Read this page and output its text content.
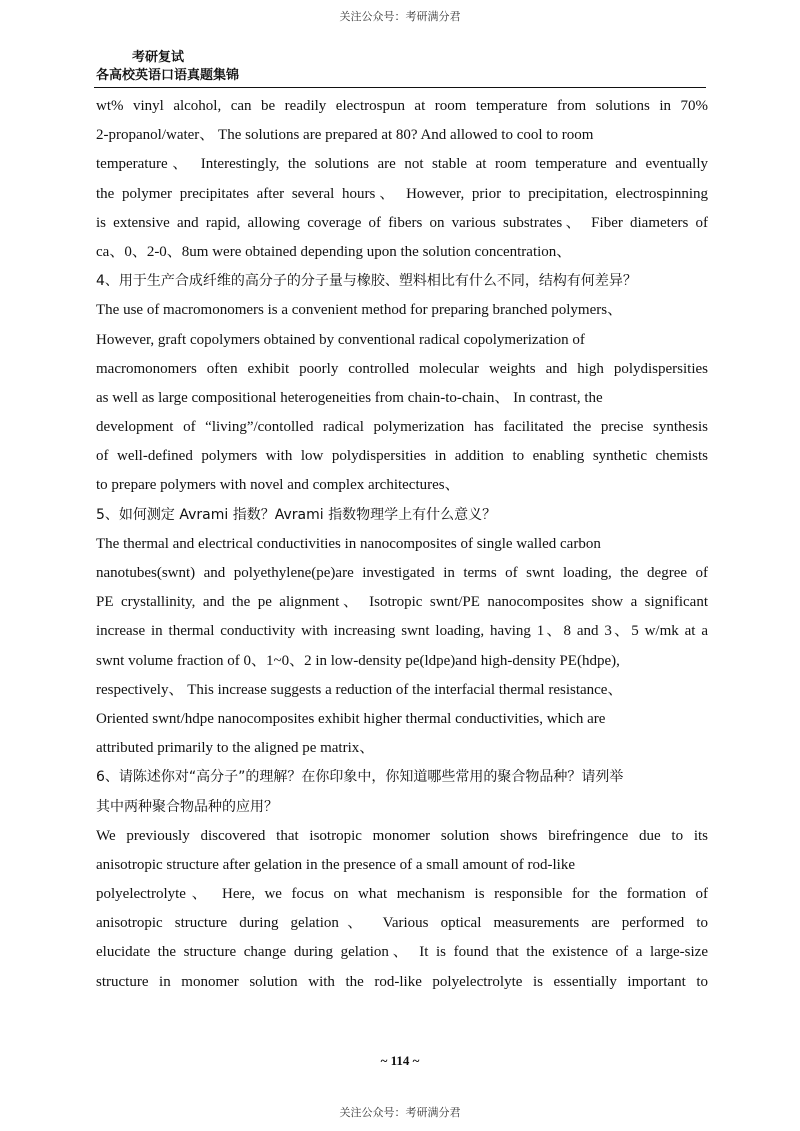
关注公众号：考研满分君
考研复试
各高校英语口语真题集锦
wt% vinyl alcohol, can be readily electrospun at room temperature from solutions in 70%
2-propanol/water、 The solutions are prepared at 80? And allowed to cool to room
temperature、 Interestingly, the solutions are not stable at room temperature and eventually
the polymer precipitates after several hours、 However, prior to precipitation, electrospinning
is extensive and rapid, allowing coverage of fibers on various substrates、 Fiber diameters of
ca、0、2-0、8um were obtained depending upon the solution concentration、
4、用于生产合成纤维的高分子的分子量与橡胶、塑料相比有什么不同，结构有何差异？
The use of macromonomers is a convenient method for preparing branched polymers、
However, graft copolymers obtained by conventional radical copolymerization of
macromonomers often exhibit poorly controlled molecular weights and high polydispersities
as well as large compositional heterogeneities from chain-to-chain、 In contrast, the
development of “living”/contolled radical polymerization has facilitated the precise synthesis
of well-defined polymers with low polydispersities in addition to enabling synthetic chemists
to prepare polymers with novel and complex architectures、
5、如何测定 Avrami 指数？Avrami 指数物理学上有什么意义？
The thermal and electrical conductivities in nanocomposites of single walled carbon
nanotubes(swnt) and polyethylene(pe)are investigated in terms of swnt loading, the degree of
PE crystallinity, and the pe alignment、 Isotropic swnt/PE nanocomposites show a significant
increase in thermal conductivity with increasing swnt loading, having 1、8 and 3、5 w/mk at a
swnt volume fraction of 0、1~0、2 in low-density pe(ldpe)and high-density PE(hdpe),
respectively、 This increase suggests a reduction of the interfacial thermal resistance、
Oriented swnt/hdpe nanocomposites exhibit higher thermal conductivities, which are
attributed primarily to the aligned pe matrix、
6、请陈述你对“高分子”的理解？在你印象中，你知道哪些常用的聚合物品种？请列举
其中两种聚合物品种的应用？
We previously discovered that isotropic monomer solution shows birefringence due to its
anisotropic structure after gelation in the presence of a small amount of rod-like
polyelectrolyte、 Here, we focus on what mechanism is responsible for the formation of
anisotropic structure during gelation、 Various optical measurements are performed to
elucidate the structure change during gelation、 It is found that the existence of a large-size
structure in monomer solution with the rod-like polyelectrolyte is essentially important to
~ 114 ~
关注公众号：考研满分君
